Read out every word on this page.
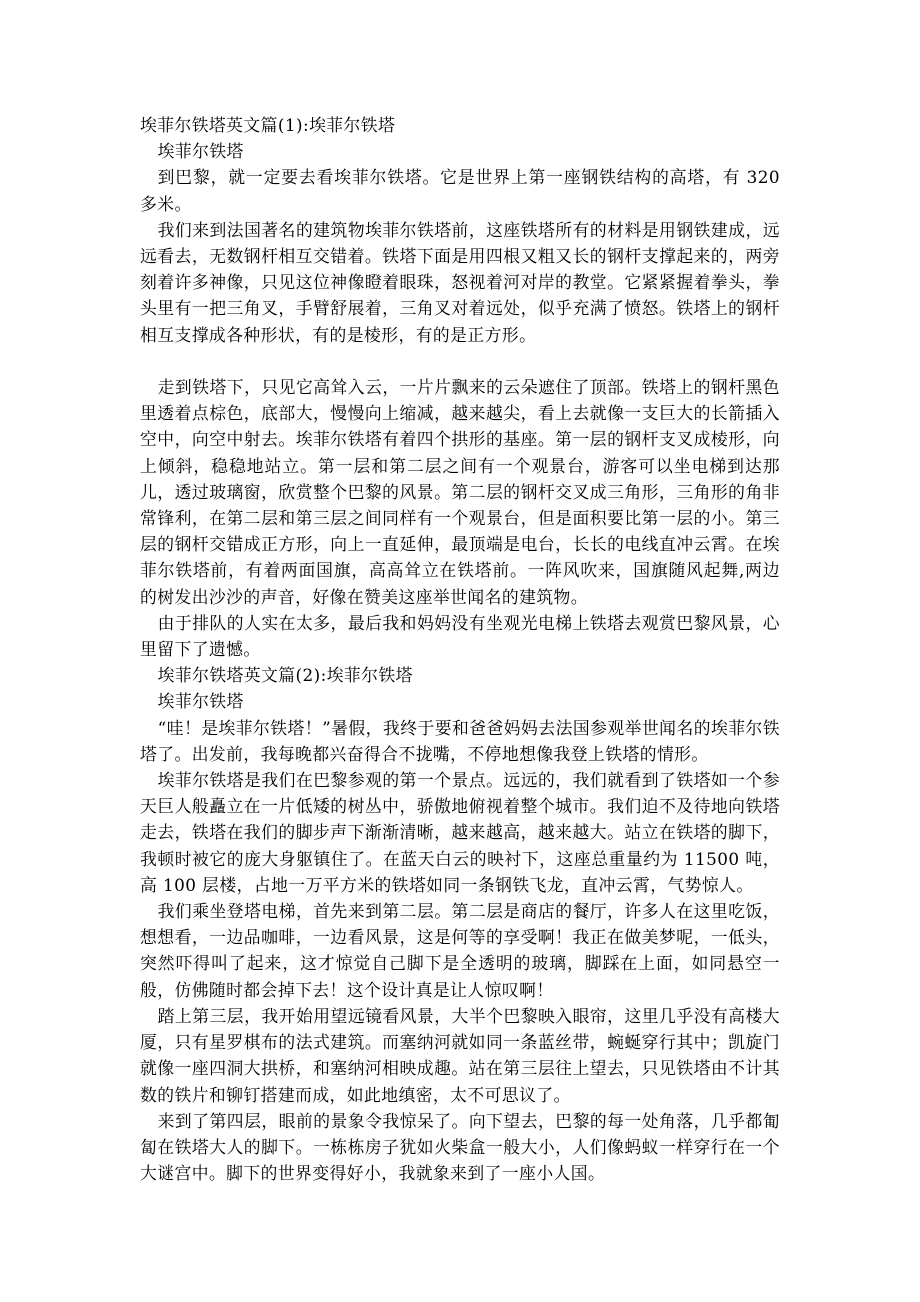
埃菲尔铁塔英文篇(1):埃菲尔铁塔

埃菲尔铁塔

到巴黎，就一定要去看埃菲尔铁塔。它是世界上第一座钢铁结构的高塔，有 320 多米。

我们来到法国著名的建筑物埃菲尔铁塔前，这座铁塔所有的材料是用钢铁建成，远远看去，无数钢杆相互交错着。铁塔下面是用四根又粗又长的钢杆支撑起来的，两旁刻着许多神像，只见这位神像瞪着眼珠，怒视着河对岸的教堂。它紧紧握着拳头，拳头里有一把三角叉，手臂舒展着，三角叉对着远处，似乎充满了愤怒。铁塔上的钢杆相互支撑成各种形状，有的是棱形，有的是正方形。

走到铁塔下，只见它高耸入云，一片片飘来的云朵遮住了顶部。铁塔上的钢杆黑色里透着点棕色，底部大，慢慢向上缩减，越来越尖，看上去就像一支巨大的长箭插入空中，向空中射去。埃菲尔铁塔有着四个拱形的基座。第一层的钢杆支叉成棱形，向上倾斜，稳稳地站立。第一层和第二层之间有一个观景台，游客可以坐电梯到达那儿，透过玻璃窗，欣赏整个巴黎的风景。第二层的钢杆交叉成三角形，三角形的角非常锋利，在第二层和第三层之间同样有一个观景台，但是面积要比第一层的小。第三层的钢杆交错成正方形，向上一直延伸，最顶端是电台，长长的电线直冲云霄。在埃菲尔铁塔前，有着两面国旗，高高耸立在铁塔前。一阵风吹来，国旗随风起舞,两边的树发出沙沙的声音，好像在赞美这座举世闻名的建筑物。

由于排队的人实在太多，最后我和妈妈没有坐观光电梯上铁塔去观赏巴黎风景，心里留下了遗憾。

埃菲尔铁塔英文篇(2):埃菲尔铁塔

埃菲尔铁塔

“哇！是埃菲尔铁塔！”暑假，我终于要和爸爸妈妈去法国参观举世闻名的埃菲尔铁塔了。出发前，我每晚都兴奋得合不拢嘴，不停地想像我登上铁塔的情形。

埃菲尔铁塔是我们在巴黎参观的第一个景点。远远的，我们就看到了铁塔如一个参天巨人般矗立在一片低矮的树丛中，骄傲地俯视着整个城市。我们迫不及待地向铁塔走去，铁塔在我们的脚步声下渐渐清晰，越来越高，越来越大。站立在铁塔的脚下，我顿时被它的庞大身躯镇住了。在蓝天白云的映衬下，这座总重量约为 11500 吨，高 100 层楼，占地一万平方米的铁塔如同一条钢铁飞龙，直冲云霄，气势惊人。

我们乘坐登塔电梯，首先来到第二层。第二层是商店的餐厅，许多人在这里吃饭，想想看，一边品咖啡，一边看风景，这是何等的享受啊！我正在做美梦呢，一低头，突然吓得叫了起来，这才惊觉自己脚下是全透明的玻璃，脚踩在上面，如同悬空一般，仿佛随时都会掉下去！这个设计真是让人惊叹啊！

踏上第三层，我开始用望远镜看风景，大半个巴黎映入眼帘，这里几乎没有高楼大厦，只有星罗棋布的法式建筑。而塞纳河就如同一条蓝丝带，蜿蜒穿行其中；凯旋门就像一座四洞大拱桥，和塞纳河相映成趣。站在第三层往上望去，只见铁塔由不计其数的铁片和铆钉搭建而成，如此地缜密，太不可思议了。

来到了第四层，眼前的景象令我惊呆了。向下望去，巴黎的每一处角落，几乎都匍匐在铁塔大人的脚下。一栋栋房子犹如火柴盒一般大小，人们像蚂蚁一样穿行在一个大谜宫中。脚下的世界变得好小，我就象来到了一座小人国。
